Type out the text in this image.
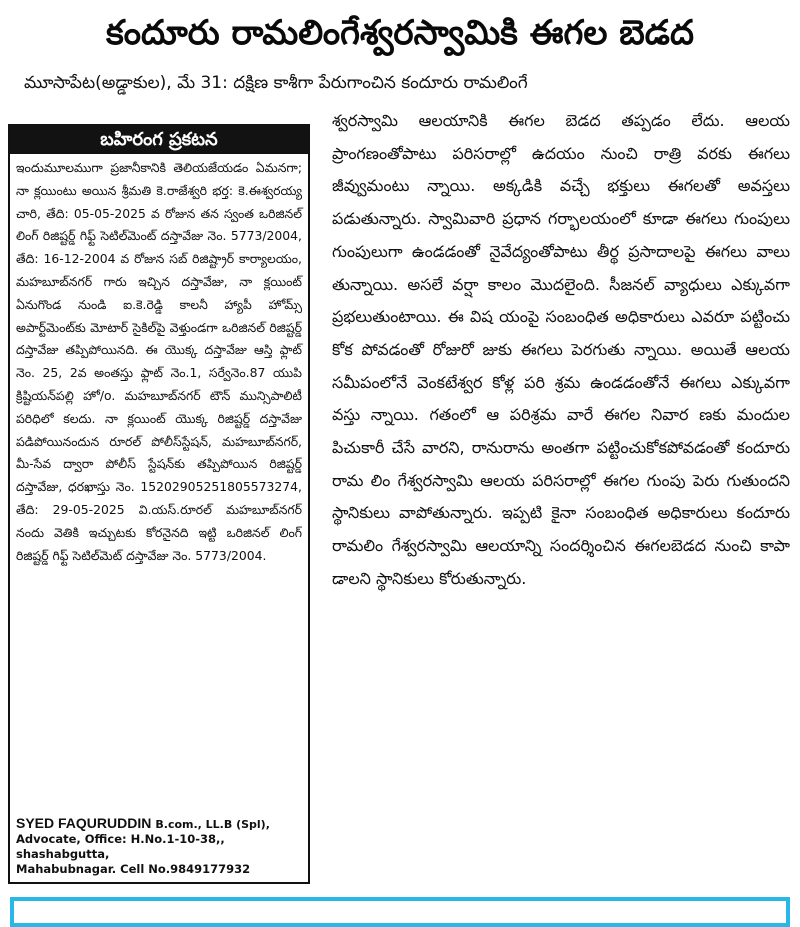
కందూరు రామలింగేశ్వరస్వామికి ఈగల బెడద

మూసాపేట(అడ్డాకుల), మే 31: దక్షిణ కాశీగా పేరుగాంచిన కందూరు రామలింగే

బహిరంగ ప్రకటన

ఇందుమూలముగా ప్రజానీకానికి తెలియజేయడం ఏమనగా; నా క్లయింటు అయిన శ్రీమతి కె.రాజేశ్వరి భర్త: కె.ఈశ్వరయ్య చారి, తేది: 05-05-2025 వ రోజున తన స్వంత ఒరిజినల్ లింగ్ రిజిష్టర్డ్ గిఫ్ట్ సెటిల్‌మెంట్ దస్తావేజు నెం. 5773/2004, తేది: 16-12-2004 వ రోజున సబ్ రిజిష్ట్రార్ కార్యాలయం, మహబూబ్‌నగర్ గారు ఇచ్చిన దస్తావేజు, నా క్లయింట్ ఏనుగొండ నుండి ఐ.కె.రెడ్డి కాలనీ హ్యాపీ హోమ్స్ అపార్ట్‌మెంట్‌కు మోటార్ సైకిల్‌పై వెళ్తుండగా ఒరిజినల్ రిజిష్టర్డ్ దస్తావేజు తప్పిపోయినది. ఈ యొక్క దస్తావేజు ఆస్తి ఫ్లాట్ నెం. 25, 2వ అంతస్తు ఫ్లాట్ నెం.1, సర్వేనెం.87 యుపి క్రిష్టియన్‌పల్లి హో/o. మహబూబ్‌నగర్ టౌన్ మున్సిపాలిటీ పరిధిలో కలదు. నా క్లయింట్ యొక్క రిజిష్టర్డ్ దస్తావేజు పడిపోయినందున రూరల్ పోలీస్‌స్టేషన్, మహబూబ్‌నగర్, మీ-సేవ ద్వారా పోలీస్ స్టేషన్‌కు తప్పిపోయిన రిజిష్టర్డ్ దస్తావేజు, ధరఖాస్తు నెం. 15202905251805573274, తేది: 29-05-2025 వి.యస్.రూరల్ మహబూబ్‌నగర్ నందు వెతికి ఇచ్చుటకు కోరనైనది ఇట్టి ఒరిజినల్ లింగ్ రిజిష్టర్డ్ గిఫ్ట్ సెటిల్‌మెట్ దస్తావేజు నెం. 5773/2004.

SYED FAQURUDDIN B.com., LL.B (Spl),
Advocate, Office: H.No.1-10-38,, shashabgutta,
Mahabubnagar. Cell No.9849177932

శ్వరస్వామి ఆలయానికి ఈగల బెడద తప్పడం లేదు. ఆలయ ప్రాంగణంతోపాటు పరిసరాల్లో ఉదయం నుంచి రాత్రి వరకు ఈగలు జీవ్వుమంటు న్నాయి. అక్కడికి వచ్చే భక్తులు ఈగలతో అవస్తలు పడుతున్నారు. స్వామివారి ప్రధాన గర్భాలయంలో కూడా ఈగలు గుంపులు గుంపులుగా ఉండడంతో నైవేద్యంతోపాటు తీర్థ ప్రసాదాలపై ఈగలు వాలు తున్నాయి. అసలే వర్షా కాలం మొదలైంది. సీజనల్ వ్యాధులు ఎక్కువగా ప్రభలుతుంటాయి. ఈ విష యంపై సంబంధిత అధికారులు ఎవరూ పట్టించు కోక పోవడంతో రోజురో జుకు ఈగలు పెరగుతు న్నాయి. అయితే ఆలయ సమీపంలోనే వెంకటేశ్వర కోళ్ల పరి శ్రమ ఉండడంతోనే ఈగలు ఎక్కువగా వస్తు న్నాయి. గతంలో ఆ పరిశ్రమ వారే ఈగల నివార ణకు మందుల పిచుకారీ చేసే వారని, రానురాను అంతగా పట్టించుకోకపోవడంతో కందూరు రామ లిం గేశ్వరస్వామి ఆలయ పరిసరాల్లో ఈగల గుంపు పెరు గుతుందని స్థానికులు వాపోతున్నారు. ఇప్పటి కైనా సంబంధిత అధికారులు కందూరు రామలిం గేశ్వరస్వామి ఆలయాన్ని సందర్శించిన ఈగలబెడద నుంచి కాపా డాలని స్థానికులు కోరుతున్నారు.
